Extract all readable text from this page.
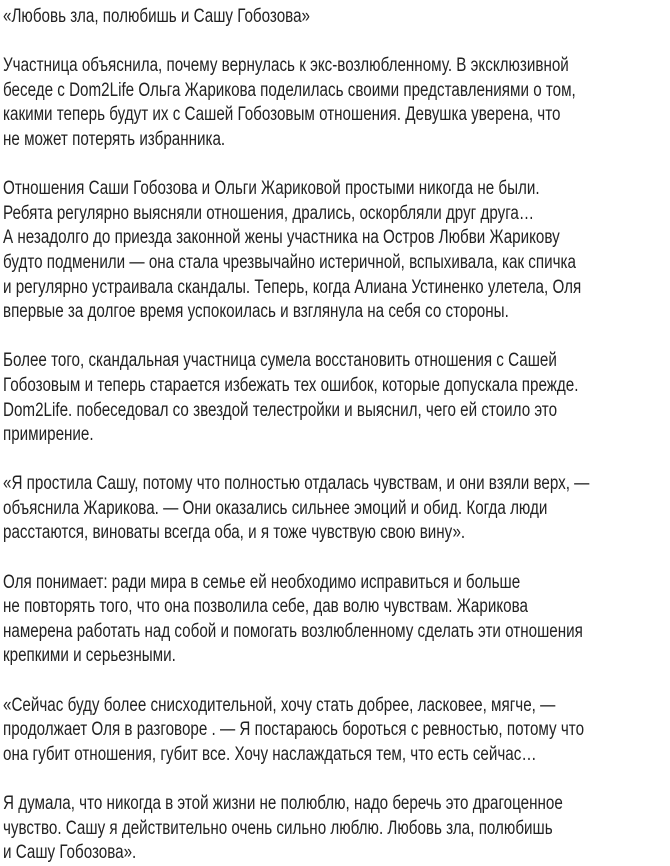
«Любовь зла, полюбишь и Сашу Гобозова»
Участница объяснила, почему вернулась к экс-возлюбленному. В эксклюзивной
беседе с Dom2Life Ольга Жарикова поделилась своими представлениями о том,
какими теперь будут их с Сашей Гобозовым отношения. Девушка уверена, что
не может потерять избранника.
Отношения Саши Гобозова и Ольги Жариковой простыми никогда не были.
Ребята регулярно выясняли отношения, дрались, оскорбляли друг друга…
А незадолго до приезда законной жены участника на Остров Любви Жарикову
будто подменили — она стала чрезвычайно истеричной, вспыхивала, как спичка
и регулярно устраивала скандалы. Теперь, когда Алиана Устиненко улетела, Оля
впервые за долгое время успокоилась и взглянула на себя со стороны.
Более того, скандальная участница сумела восстановить отношения с Сашей
Гобозовым и теперь старается избежать тех ошибок, которые допускала прежде.
Dom2Life. побеседовал со звездой телестройки и выяснил, чего ей стоило это
примирение.
«Я простила Сашу, потому что полностью отдалась чувствам, и они взяли верх, —
объяснила Жарикова. — Они оказались сильнее эмоций и обид. Когда люди
расстаются, виноваты всегда оба, и я тоже чувствую свою вину».
Оля понимает: ради мира в семье ей необходимо исправиться и больше
не повторять того, что она позволила себе, дав волю чувствам. Жарикова
намерена работать над собой и помогать возлюбленному сделать эти отношения
крепкими и серьезными.
«Сейчас буду более снисходительной, хочу стать добрее, ласковее, мягче, —
продолжает Оля в разговоре . — Я постараюсь бороться с ревностью, потому что
она губит отношения, губит все. Хочу наслаждаться тем, что есть сейчас…
Я думала, что никогда в этой жизни не полюблю, надо беречь это драгоценное
чувство. Сашу я действительно очень сильно люблю. Любовь зла, полюбишь
и Сашу Гобозова».
